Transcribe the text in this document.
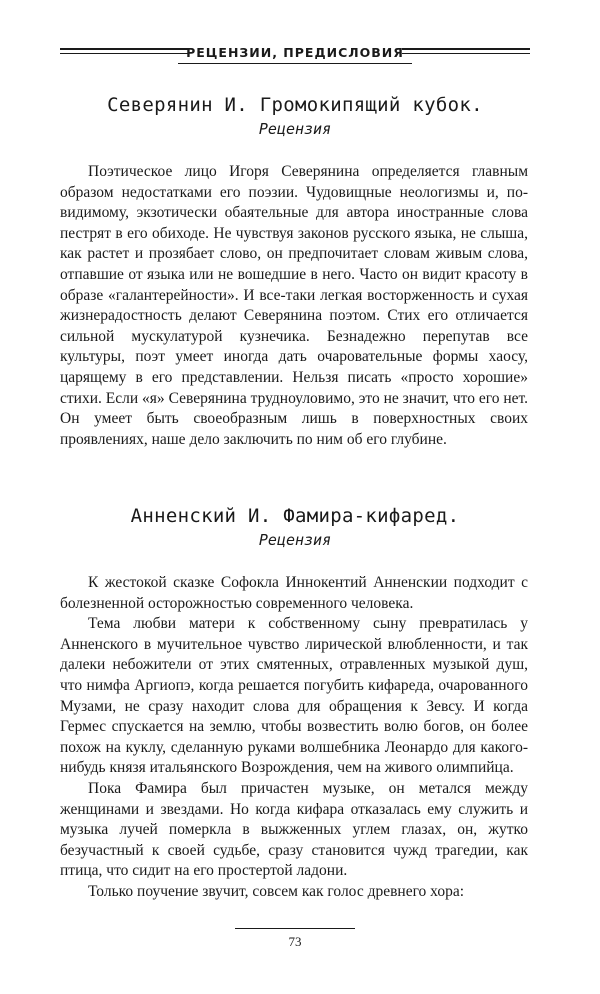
РЕЦЕНЗИИ, ПРЕДИСЛОВИЯ
Северянин И. Громокипящий кубок.
Рецензия

Поэтическое лицо Игоря Северянина определяется главным образом недостатками его поэзии. Чудовищные неологизмы и, по-видимому, экзотически обаятельные для автора иностранные слова пестрят в его обиходе. Не чувствуя законов русского языка, не слыша, как растет и прозябает слово, он предпочитает словам живым слова, отпавшие от языка или не вошедшие в него. Часто он видит красоту в образе «галантерейности». И все-таки легкая восторженность и сухая жизнерадостность делают Северянина поэтом. Стих его отличается сильной мускулатурой кузнечика. Безнадежно перепутав все культуры, поэт умеет иногда дать очаровательные формы хаосу, царящему в его представлении. Нельзя писать «просто хорошие» стихи. Если «я» Северянина трудноуловимо, это не значит, что его нет. Он умеет быть своеобразным лишь в поверхностных своих проявлениях, наше дело заключить по ним об его глубине.

Анненский И. Фамира-кифаред.
Рецензия

К жестокой сказке Софокла Иннокентий Анненскии подходит с болезненной осторожностью современного человека.

Тема любви матери к собственному сыну превратилась у Анненского в мучительное чувство лирической влюбленности, и так далеки небожители от этих смятенных, отравленных музыкой душ, что нимфа Аргиопэ, когда решается погубить кифареда, очарованного Музами, не сразу находит слова для обращения к Зевсу. И когда Гермес спускается на землю, чтобы возвестить волю богов, он более похож на куклу, сделанную руками волшебника Леонардо для какого-нибудь князя итальянского Возрождения, чем на живого олимпийца.

Пока Фамира был причастен музыке, он метался между женщинами и звездами. Но когда кифара отказалась ему служить и музыка лучей померкла в выжженных углем глазах, он, жутко безучастный к своей судьбе, сразу становится чужд трагедии, как птица, что сидит на его простертой ладони.

Только поучение звучит, совсем как голос древнего хора:

73
